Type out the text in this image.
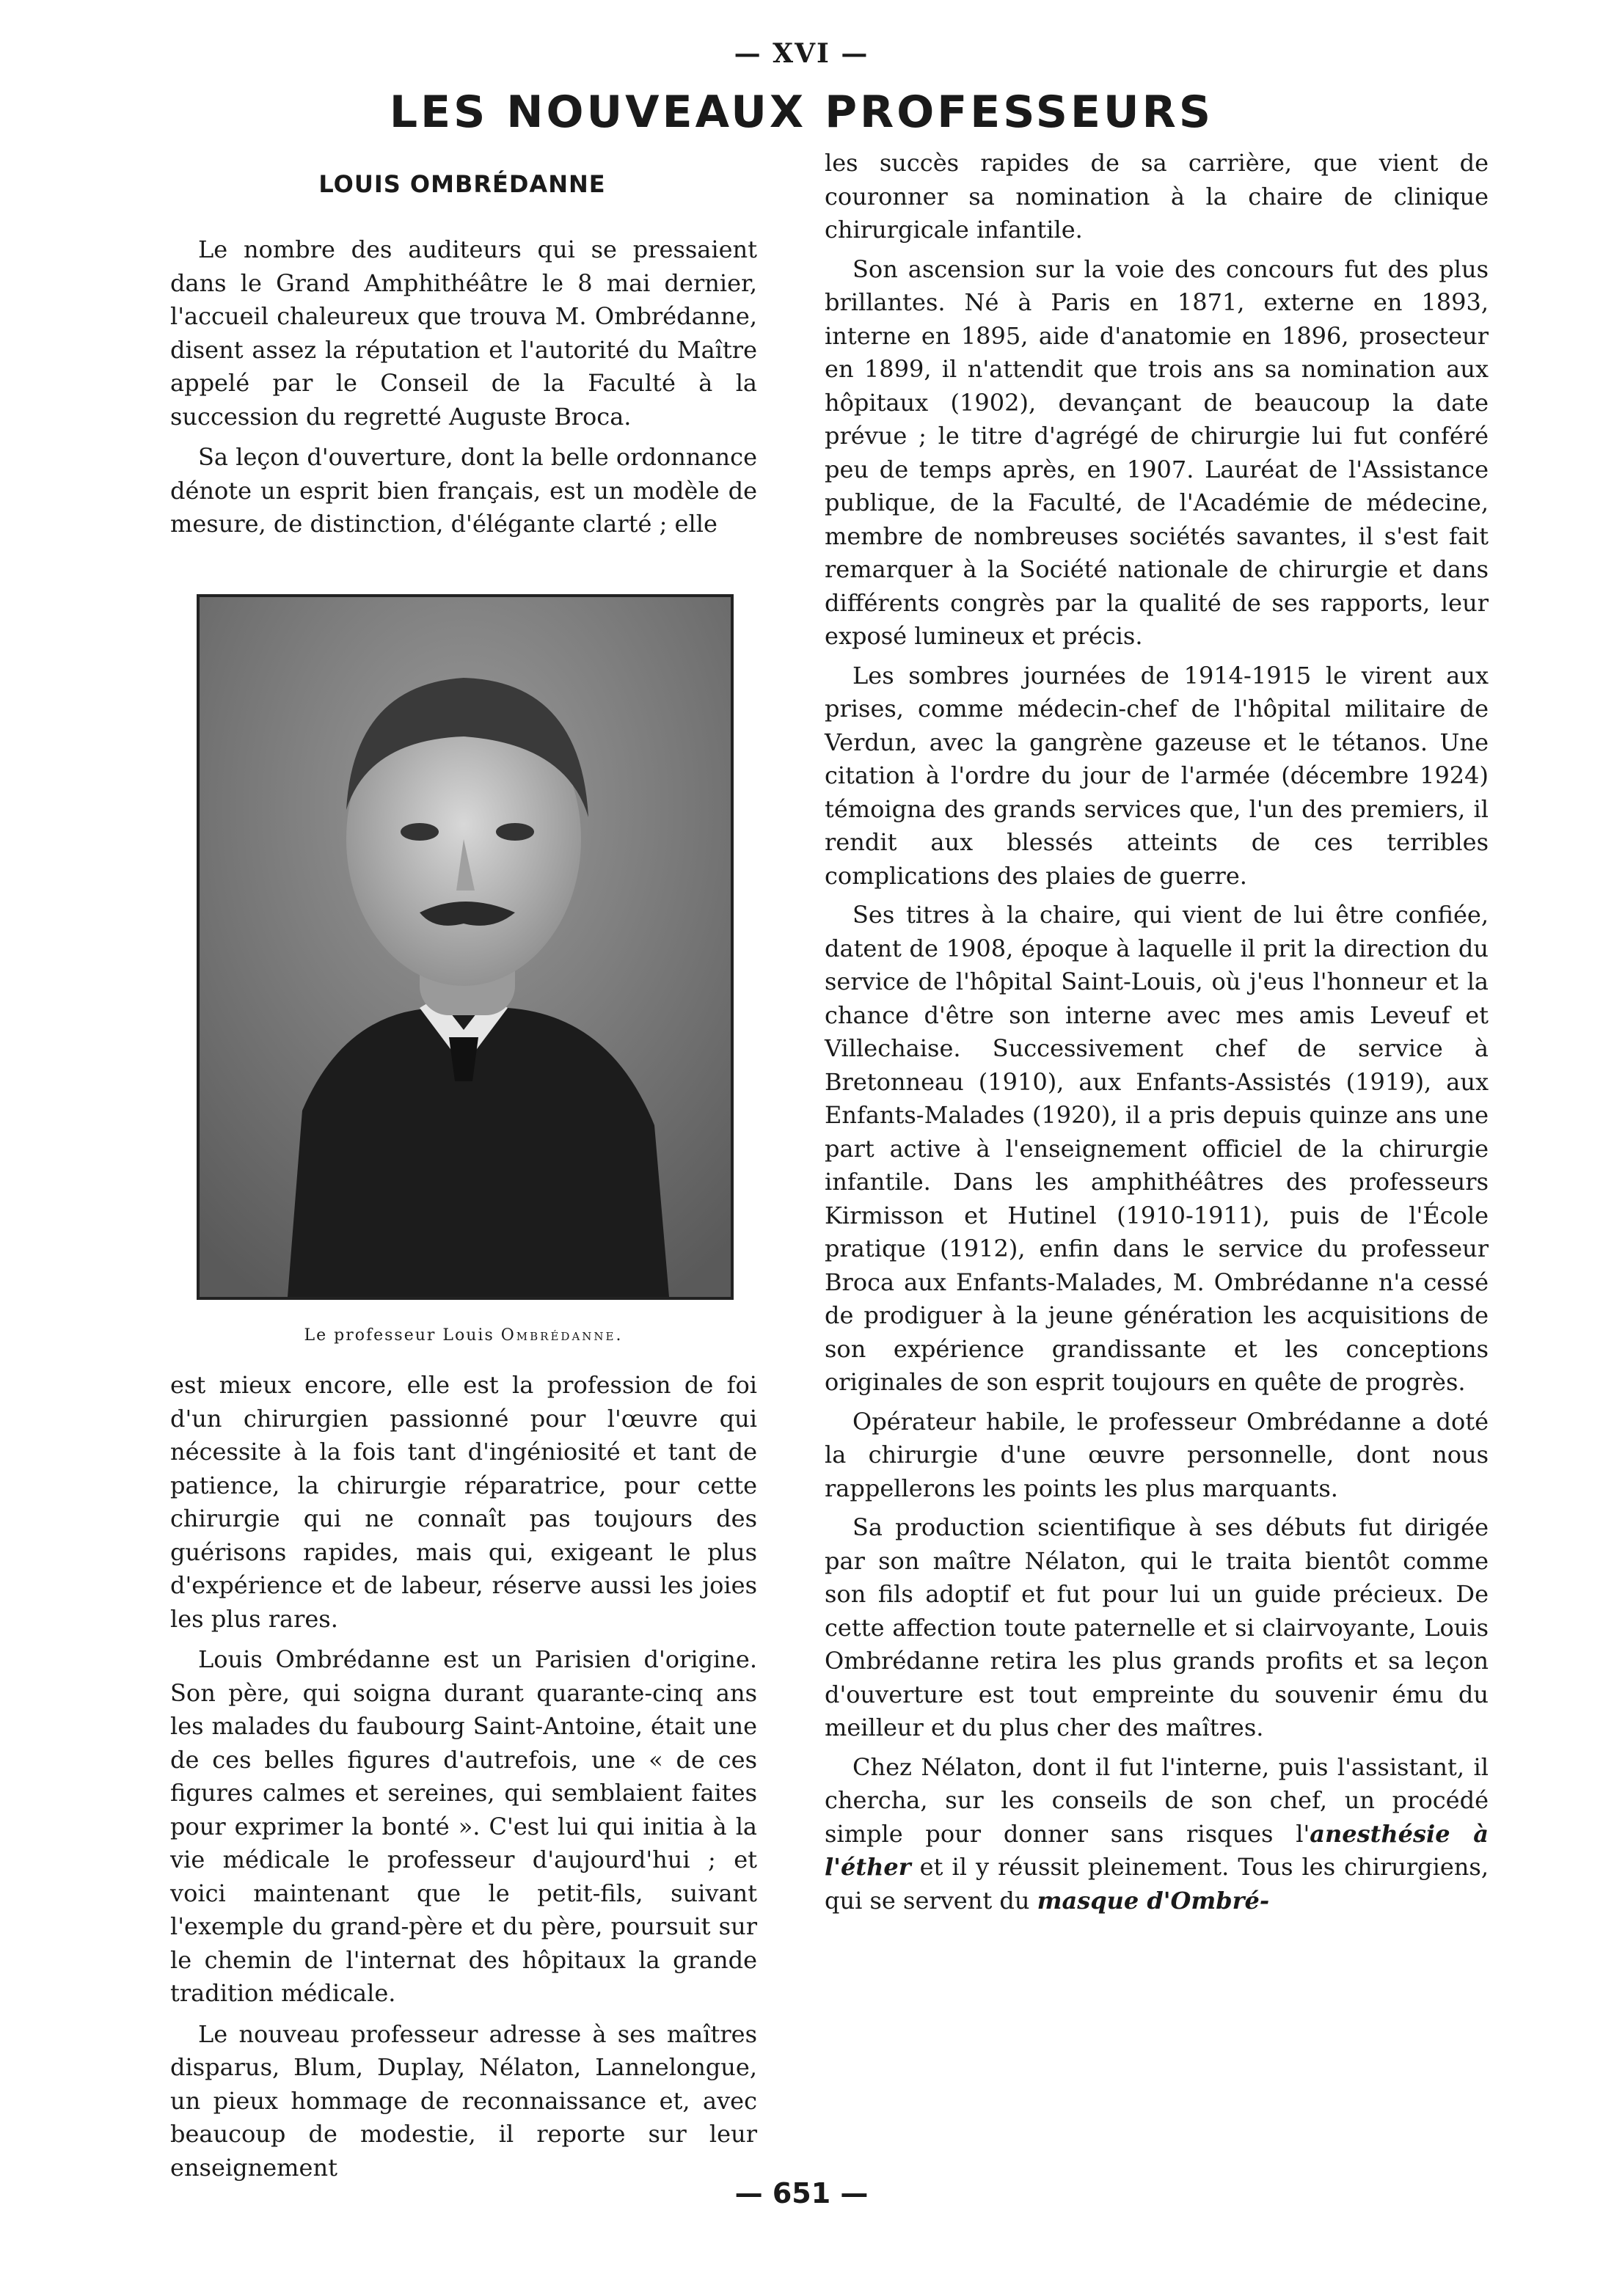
— XVI —
LES NOUVEAUX PROFESSEURS
LOUIS OMBRÉDANNE

Le nombre des auditeurs qui se pressaient dans le Grand Amphithéâtre le 8 mai dernier, l'accueil chaleureux que trouva M. Ombrédanne, disent assez la réputation et l'autorité du Maître appelé par le Conseil de la Faculté à la succession du regretté Auguste Broca.

Sa leçon d'ouverture, dont la belle ordonnance dénote un esprit bien français, est un modèle de mesure, de distinction, d'élégante clarté ; elle

Le professeur Louis Ombrédanne.

est mieux encore, elle est la profession de foi d'un chirurgien passionné pour l'œuvre qui nécessite à la fois tant d'ingéniosité et tant de patience, la chirurgie réparatrice, pour cette chirurgie qui ne connaît pas toujours des guérisons rapides, mais qui, exigeant le plus d'expérience et de labeur, réserve aussi les joies les plus rares.

Louis Ombrédanne est un Parisien d'origine. Son père, qui soigna durant quarante-cinq ans les malades du faubourg Saint-Antoine, était une de ces belles figures d'autrefois, une « de ces figures calmes et sereines, qui semblaient faites pour exprimer la bonté ». C'est lui qui initia à la vie médicale le professeur d'aujourd'hui ; et voici maintenant que le petit-fils, suivant l'exemple du grand-père et du père, poursuit sur le chemin de l'internat des hôpitaux la grande tradition médicale.

Le nouveau professeur adresse à ses maîtres disparus, Blum, Duplay, Nélaton, Lannelongue, un pieux hommage de reconnaissance et, avec beaucoup de modestie, il reporte sur leur enseignement

les succès rapides de sa carrière, que vient de couronner sa nomination à la chaire de clinique chirurgicale infantile.

Son ascension sur la voie des concours fut des plus brillantes. Né à Paris en 1871, externe en 1893, interne en 1895, aide d'anatomie en 1896, prosecteur en 1899, il n'attendit que trois ans sa nomination aux hôpitaux (1902), devançant de beaucoup la date prévue ; le titre d'agrégé de chirurgie lui fut conféré peu de temps après, en 1907. Lauréat de l'Assistance publique, de la Faculté, de l'Académie de médecine, membre de nombreuses sociétés savantes, il s'est fait remarquer à la Société nationale de chirurgie et dans différents congrès par la qualité de ses rapports, leur exposé lumineux et précis.

Les sombres journées de 1914-1915 le virent aux prises, comme médecin-chef de l'hôpital militaire de Verdun, avec la gangrène gazeuse et le tétanos. Une citation à l'ordre du jour de l'armée (décembre 1924) témoigna des grands services que, l'un des premiers, il rendit aux blessés atteints de ces terribles complications des plaies de guerre.

Ses titres à la chaire, qui vient de lui être confiée, datent de 1908, époque à laquelle il prit la direction du service de l'hôpital Saint-Louis, où j'eus l'honneur et la chance d'être son interne avec mes amis Leveuf et Villechaise. Successivement chef de service à Bretonneau (1910), aux Enfants-Assistés (1919), aux Enfants-Malades (1920), il a pris depuis quinze ans une part active à l'enseignement officiel de la chirurgie infantile. Dans les amphithéâtres des professeurs Kirmisson et Hutinel (1910-1911), puis de l'École pratique (1912), enfin dans le service du professeur Broca aux Enfants-Malades, M. Ombrédanne n'a cessé de prodiguer à la jeune génération les acquisitions de son expérience grandissante et les conceptions originales de son esprit toujours en quête de progrès.

Opérateur habile, le professeur Ombrédanne a doté la chirurgie d'une œuvre personnelle, dont nous rappellerons les points les plus marquants.

Sa production scientifique à ses débuts fut dirigée par son maître Nélaton, qui le traita bientôt comme son fils adoptif et fut pour lui un guide précieux. De cette affection toute paternelle et si clairvoyante, Louis Ombrédanne retira les plus grands profits et sa leçon d'ouverture est tout empreinte du souvenir ému du meilleur et du plus cher des maîtres.

Chez Nélaton, dont il fut l'interne, puis l'assistant, il chercha, sur les conseils de son chef, un procédé simple pour donner sans risques l'anesthésie à l'éther et il y réussit pleinement. Tous les chirurgiens, qui se servent du masque d'Ombré-

— 651 —
